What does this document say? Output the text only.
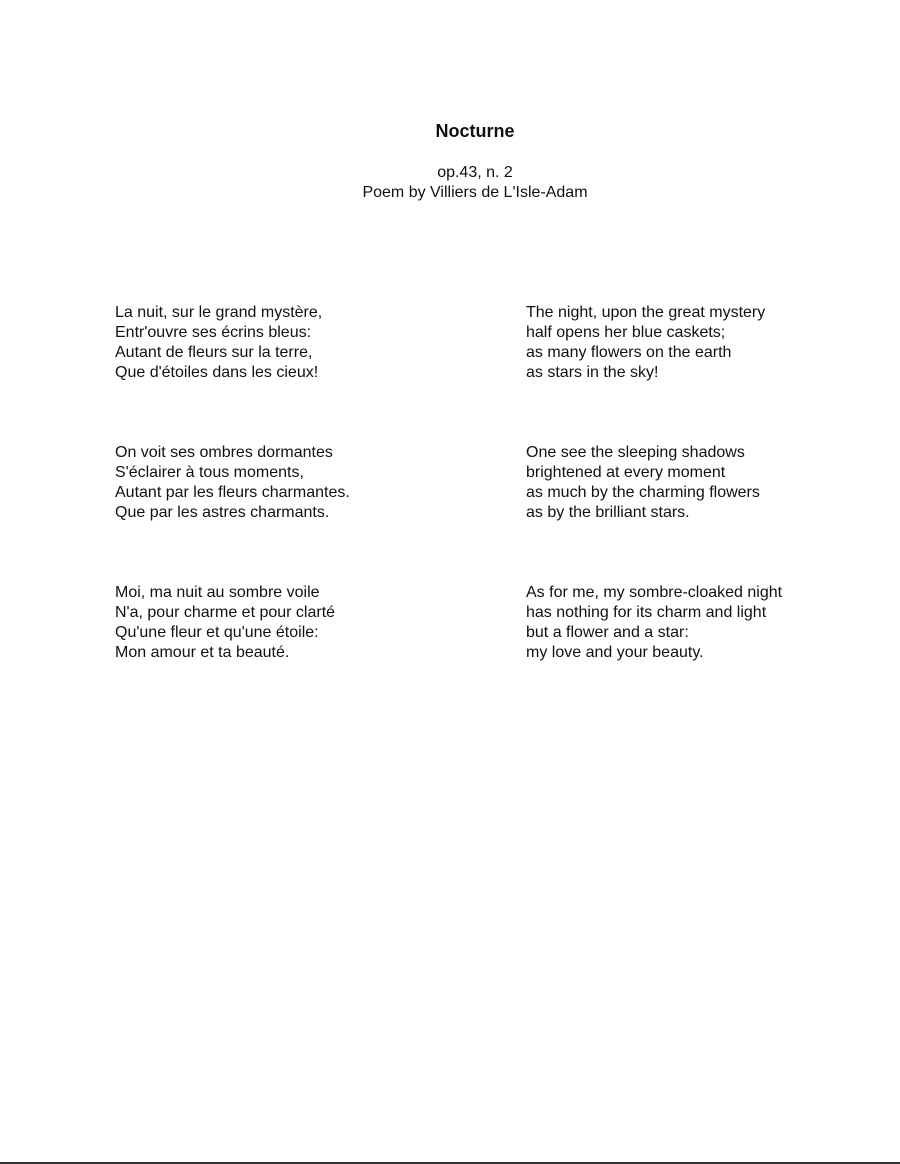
Nocturne
op.43, n. 2
Poem by Villiers de L'Isle-Adam
La nuit, sur le grand mystère,
Entr'ouvre ses écrins bleus:
Autant de fleurs sur la terre,
Que d'étoiles dans les cieux!
On voit ses ombres dormantes
S'éclairer à tous moments,
Autant par les fleurs charmantes.
Que par les astres charmants.
Moi, ma nuit au sombre voile
N'a, pour charme et pour clarté
Qu'une fleur et qu'une étoile:
Mon amour et ta beauté.
The night, upon the great mystery
half opens her blue caskets;
as many flowers on the earth
as stars in the sky!
One see the sleeping shadows
brightened at every moment
as much by the charming flowers
as by the brilliant stars.
As for me, my sombre-cloaked night
has nothing for its charm and light
but a flower and a star:
my love and your beauty.
